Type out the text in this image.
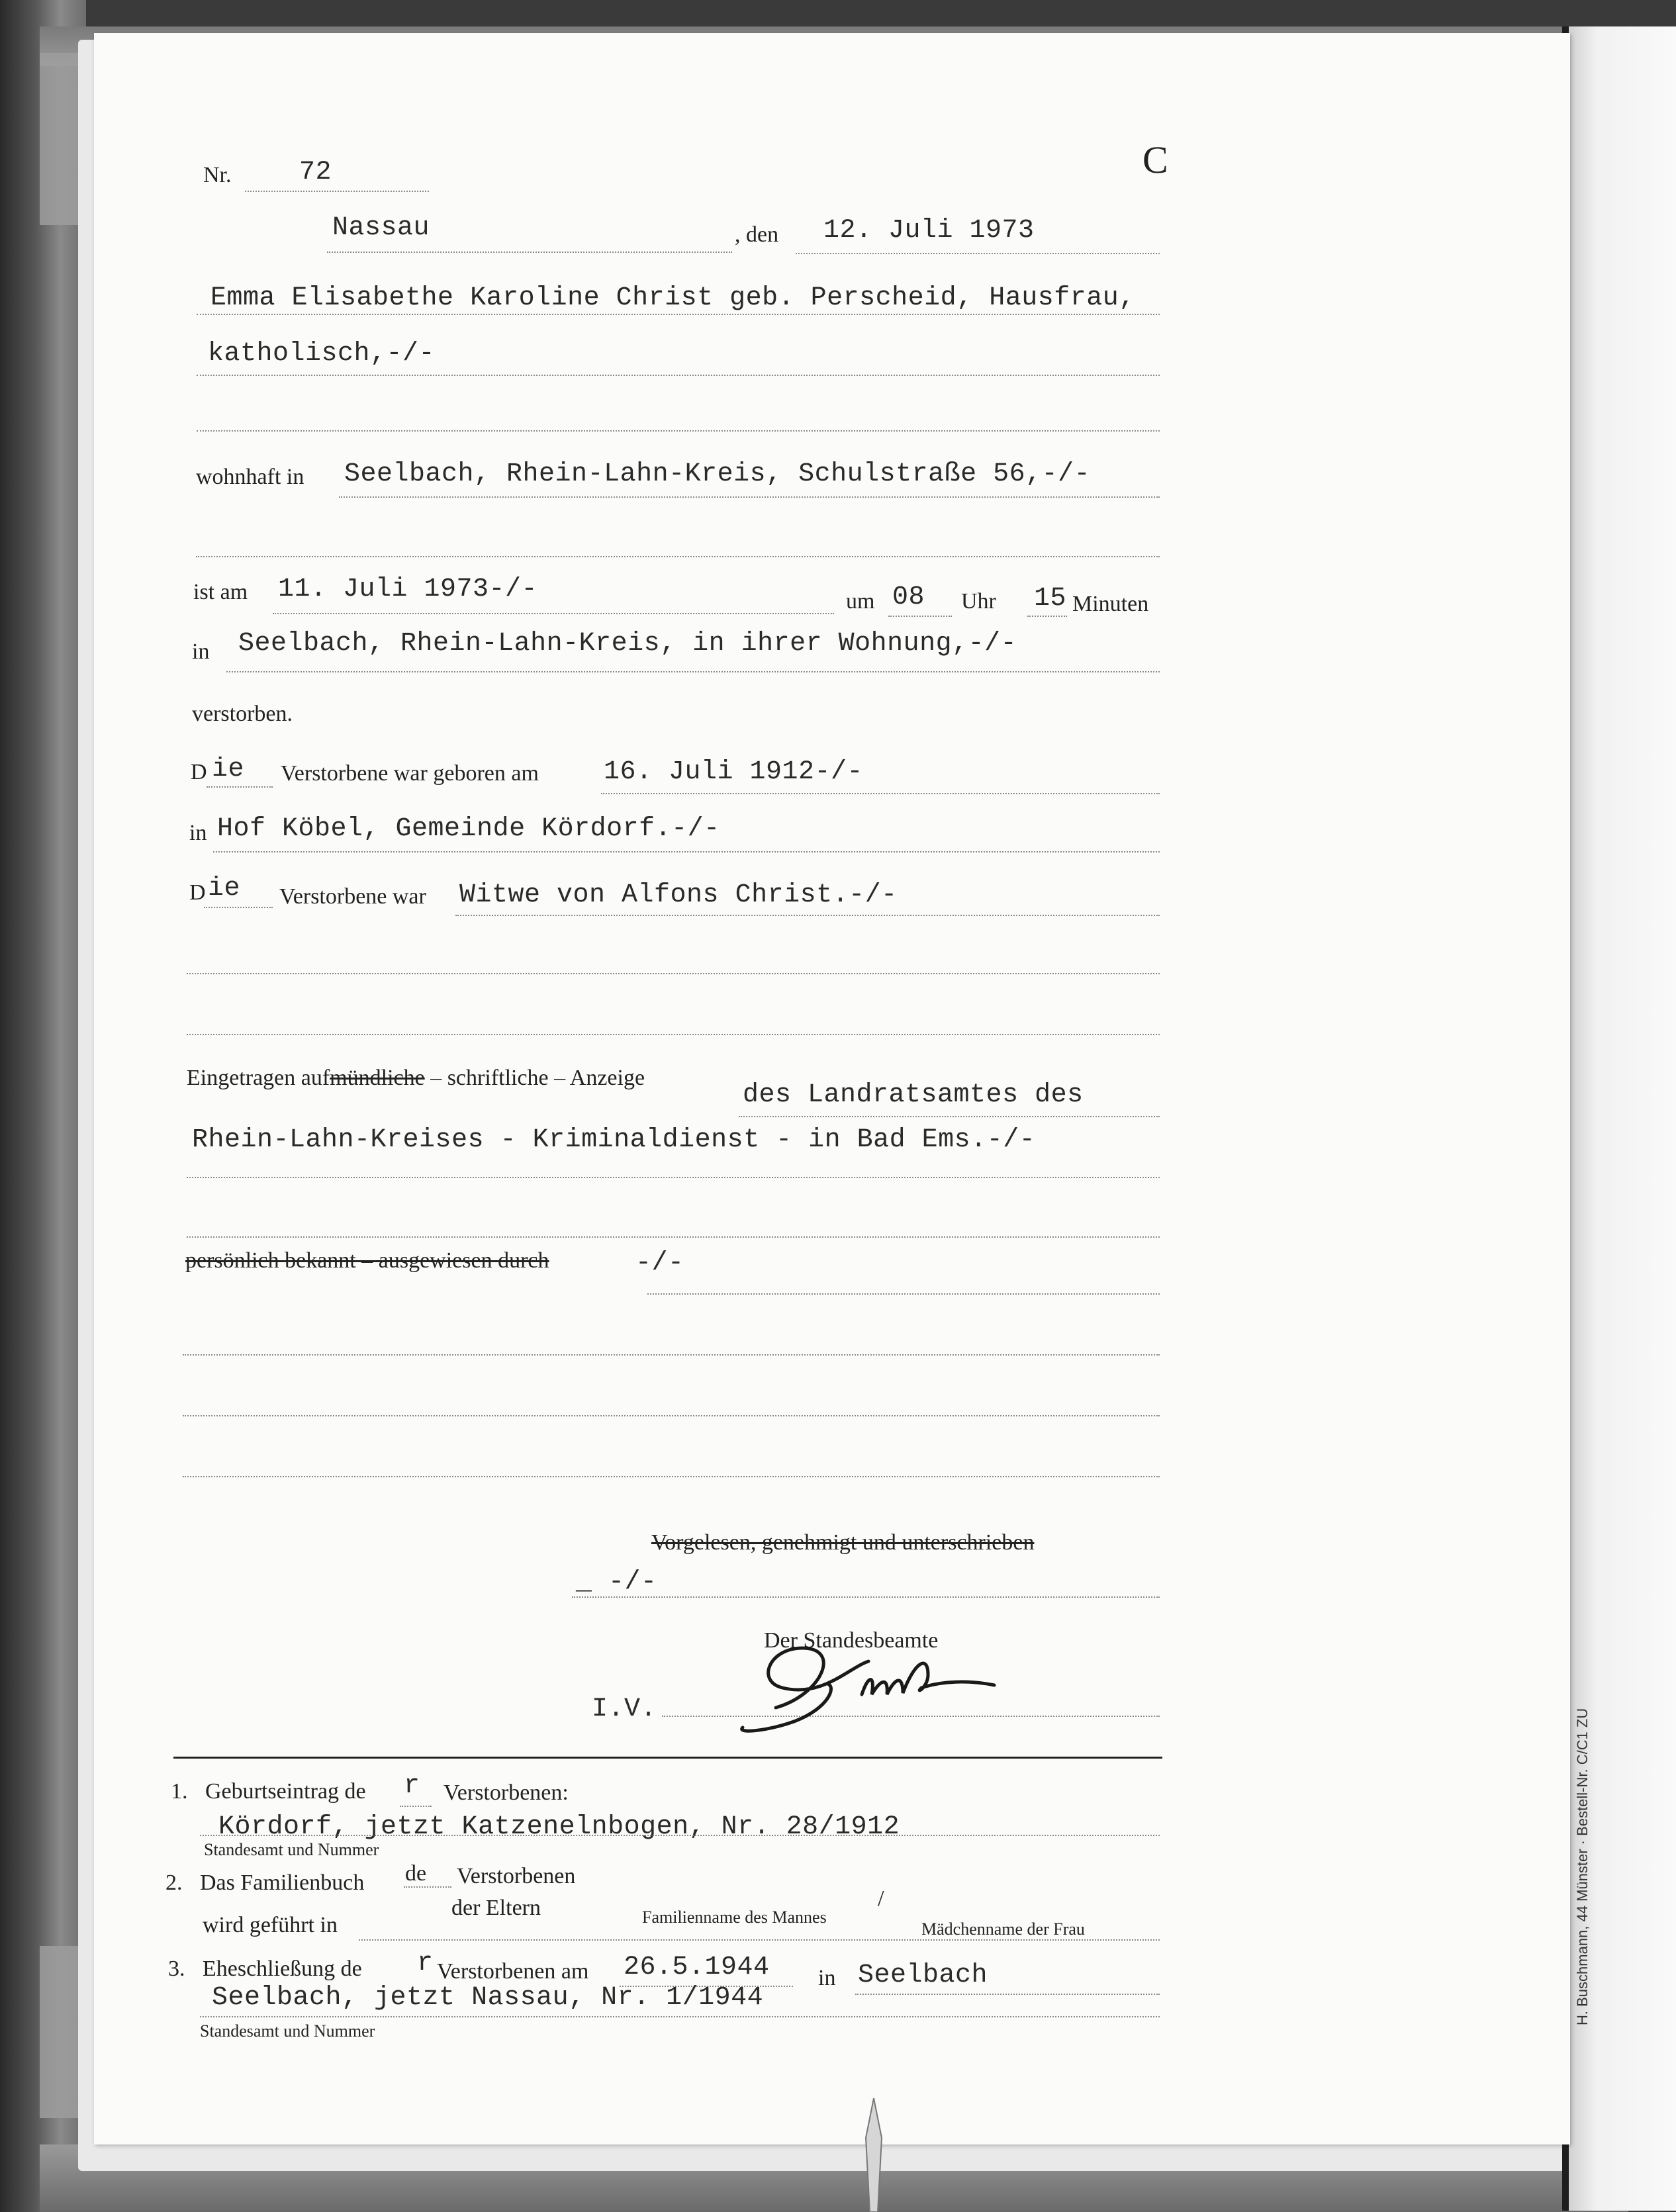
Nr.	72	C
Nassau	, den 12. Juli 1973
Emma Elisabethe Karoline Christ geb. Perscheid, Hausfrau,
katholisch,-/-
wohnhaft in Seelbach, Rhein-Lahn-Kreis, Schulstraße 56,-/-
ist am 11. Juli 1973-/-	um 08 Uhr 15 Minuten
in Seelbach, Rhein-Lahn-Kreis, in ihrer Wohnung,-/-
verstorben.
D ie Verstorbene war geboren am 16. Juli 1912-/-
in Hof Köbel, Gemeinde Kördorf.-/-
D ie Verstorbene war Witwe von Alfons Christ.-/-
Eingetragen aufmündliche – schriftliche – Anzeige
des Landratsamtes des
Rhein-Lahn-Kreises - Kriminaldienst - in Bad Ems.-/-
persönlich bekannt – ausgewiesen durch	-/-
Vorgelesen, genehmigt und unterschrieben
_ -/-
Der Standesbeamte
I.V.
1. Geburtseintrag de r Verstorbenen:
Kördorf, jetzt Katzenelnbogen, Nr. 28/1912
Standesamt und Nummer
2. Das Familienbuch de Verstorbenen
der Eltern
wird geführt in	Familienname des Mannes
/
Mädchenname der Frau
3. Eheschließung de r Verstorbenen am 26.5.1944 in Seelbach
Seelbach, jetzt Nassau, Nr. 1/1944
Standesamt und Nummer
H. Buschmann, 44 Münster · Bestell-Nr. C/C1 ZU
